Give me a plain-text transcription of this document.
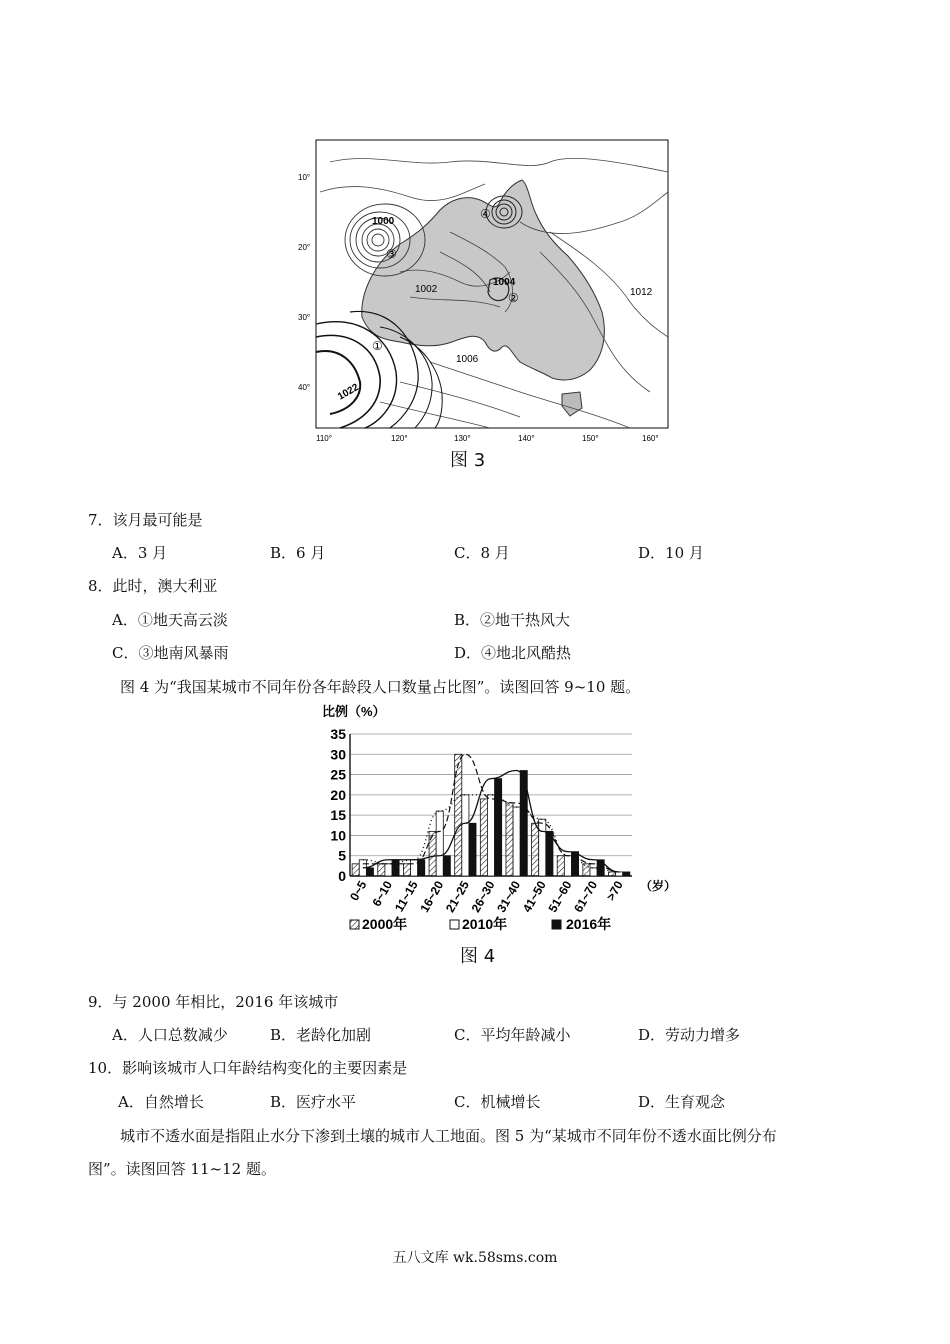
10°
20°
30°
40°
110°	120°	130°	140°	150°	160°
1000
1002
1004
1006
1012
1022
①
②
③
④
图 3
7．该月最可能是
A．3 月	B．6 月	C．8 月	D．10 月
8．此时，澳大利亚
A．①地天高云淡	B．②地干热风大
C．③地南风暴雨	D．④地北风酷热
图 4 为“我国某城市不同年份各年龄段人口数量占比图”。读图回答 9~10 题。
比例（%）
0
5
10
15
20
25
30
35
0~5 6~10
11~15
16~20
21~25
26~30
31~40
41~50
51~60
61~70 >70 （岁）
2000年	2010年	2016年
图 4
9．与 2000 年相比，2016 年该城市
A．人口总数减少	B．老龄化加剧	C．平均年龄减小	D．劳动力增多
10．影响该城市人口年龄结构变化的主要因素是
A．自然增长	B．医疗水平	C．机械增长	D．生育观念
城市不透水面是指阻止水分下渗到土壤的城市人工地面。图 5 为“某城市不同年份不透水面比例分布
图”。读图回答 11~12 题。
五八文库 wk.58sms.com
